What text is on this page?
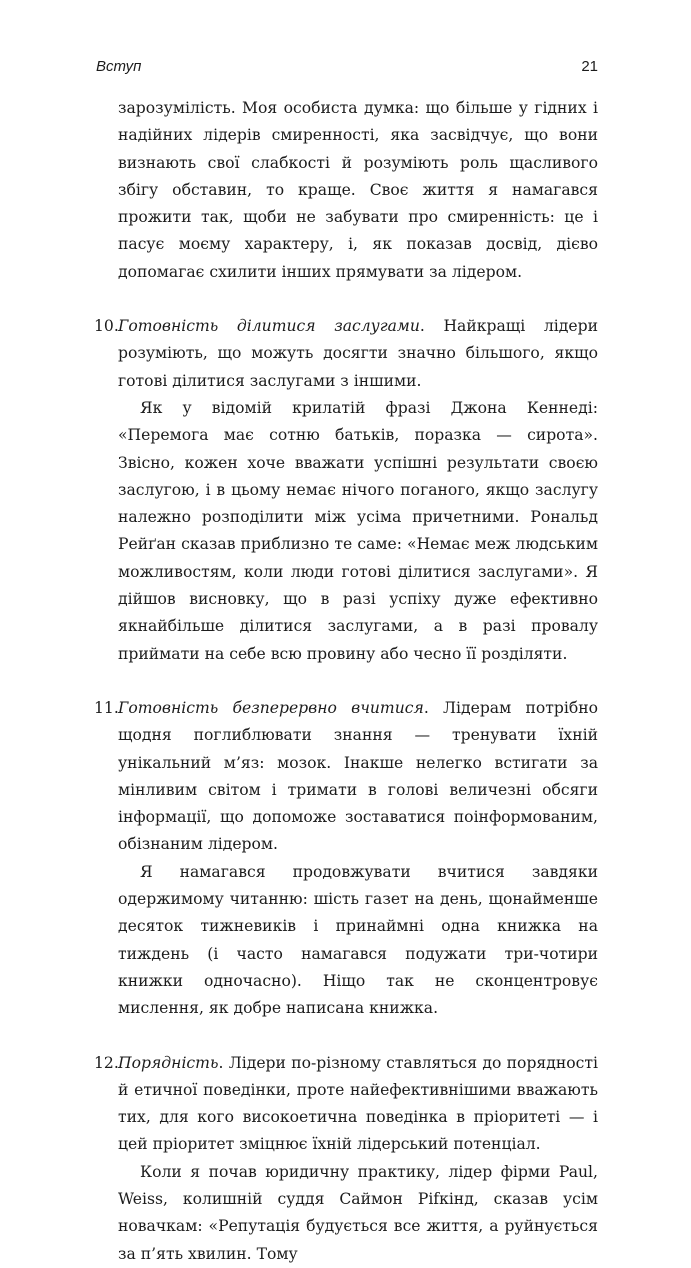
Вступ	21

зарозумілість. Моя особиста думка: що більше у гідних і надійних лідерів смиренності, яка засвідчує, що вони визнають свої слабкості й розуміють роль щасливого збігу обставин, то краще. Своє життя я намагався прожити так, щоби не забувати про смиренність: це і пасує моєму характеру, і, як показав досвід, дієво допомагає схилити інших прямувати за лідером.

10. Готовність ділитися заслугами. Найкращі лідери розуміють, що можуть досягти значно більшого, якщо готові ділитися заслугами з іншими.

Як у відомій крилатій фразі Джона Кеннеді: «Перемога має сотню батьків, поразка — сирота». Звісно, кожен хоче вважати успішні результати своєю заслугою, і в цьому немає нічого поганого, якщо заслугу належно розподілити між усіма причетними. Рональд Рейґан сказав приблизно те саме: «Немає меж людським можливостям, коли люди готові ділитися заслугами». Я дійшов висновку, що в разі успіху дуже ефективно якнайбільше ділитися заслугами, а в разі провалу приймати на себе всю провину або чесно її розділяти.

11. Готовність безперервно вчитися. Лідерам потрібно щодня поглиблювати знання — тренувати їхній унікальний м’яз: мозок. Інакше нелегко встигати за мінливим світом і тримати в голові величезні обсяги інформації, що допоможе зоставатися поінформованим, обізнаним лідером.

Я намагався продовжувати вчитися завдяки одержимому читанню: шість газет на день, щонайменше десяток тижневиків і принаймні одна книжка на тиждень (і часто намагався подужати три-чотири книжки одночасно). Ніщо так не сконцентровує мислення, як добре написана книжка.

12. Порядність. Лідери по-різному ставляться до порядності й етичної поведінки, проте найефективнішими вважають тих, для кого високоетична поведінка в пріоритеті — і цей пріоритет зміцнює їхній лідерський потенціал.

Коли я почав юридичну практику, лідер фірми Paul, Weiss, колишній суддя Саймон Рifкінд, сказав усім новачкам: «Репутація будується все життя, а руйнується за п’ять хвилин. Тому
